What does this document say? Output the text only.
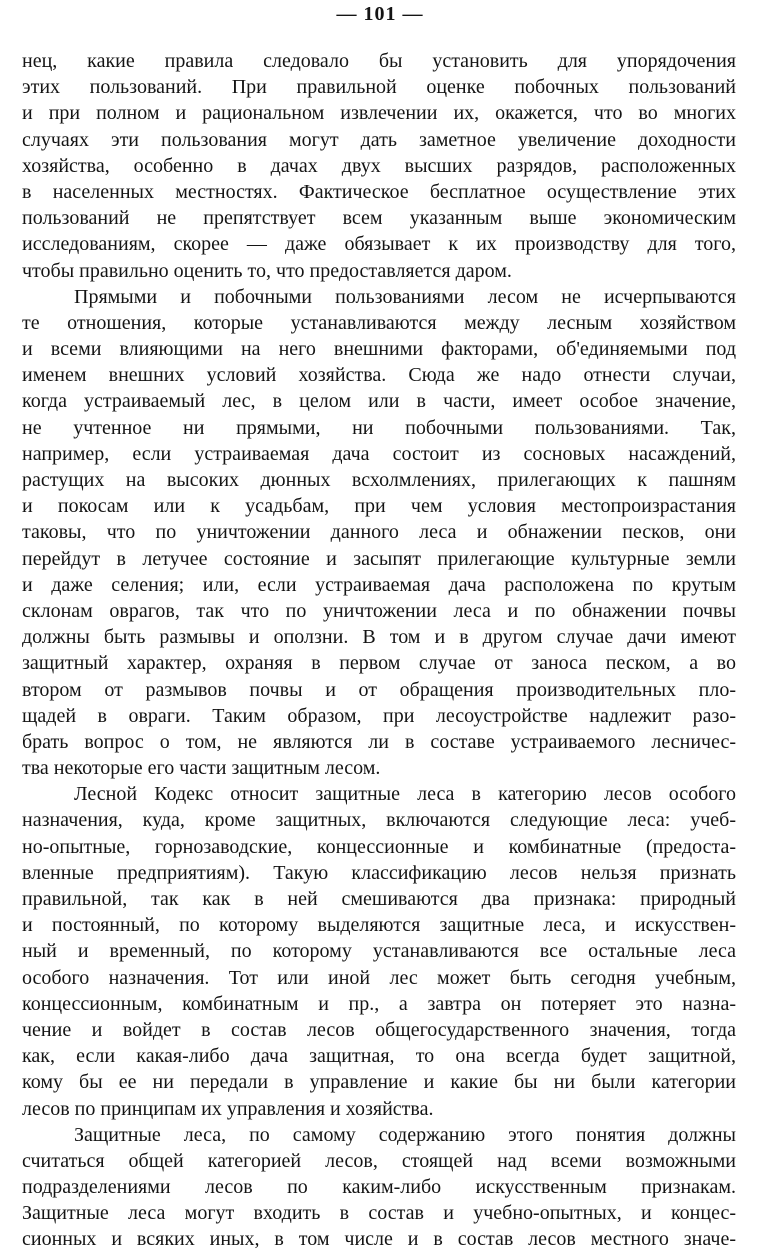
— 101 —
нец, какие правила следовало бы установить для упорядочения
этих пользований. При правильной оценке побочных пользований
и при полном и рациональном извлечении их, окажется, что во многих
случаях эти пользования могут дать заметное увеличение доходности
хозяйства, особенно в дачах двух высших разрядов, расположенных
в населенных местностях. Фактическое бесплатное осуществление этих
пользований не препятствует всем указанным выше экономическим
исследованиям, скорее — даже обязывает к их производству для того,
чтобы правильно оценить то, что предоставляется даром.
Прямыми и побочными пользованиями лесом не исчерпываются
те отношения, которые устанавливаются между лесным хозяйством
и всеми влияющими на него внешними факторами, об'единяемыми под
именем внешних условий хозяйства. Сюда же надо отнести случаи,
когда устраиваемый лес, в целом или в части, имеет особое значение,
не учтенное ни прямыми, ни побочными пользованиями. Так,
например, если устраиваемая дача состоит из сосновых насаждений,
растущих на высоких дюнных всхолмлениях, прилегающих к пашням
и покосам или к усадьбам, при чем условия местопроизрастания
таковы, что по уничтожении данного леса и обнажении песков, они
перейдут в летучее состояние и засыпят прилегающие культурные земли
и даже селения; или, если устраиваемая дача расположена по крутым
склонам оврагов, так что по уничтожении леса и по обнажении почвы
должны быть размывы и оползни. В том и в другом случае дачи имеют
защитный характер, охраняя в первом случае от заноса песком, а во
втором от размывов почвы и от обращения производительных пло-
щадей в овраги. Таким образом, при лесоустройстве надлежит разо-
брать вопрос о том, не являются ли в составе устраиваемого лесничес-
тва некоторые его части защитным лесом.
Лесной Кодекс относит защитные леса в категорию лесов особого
назначения, куда, кроме защитных, включаются следующие леса: учеб-
но-опытные, горнозаводские, концессионные и комбинатные (предоста-
вленные предприятиям). Такую классификацию лесов нельзя признать
правильной, так как в ней смешиваются два признака: природный
и постоянный, по которому выделяются защитные леса, и искусствен-
ный и временный, по которому устанавливаются все остальные леса
особого назначения. Тот или иной лес может быть сегодня учебным,
концессионным, комбинатным и пр., а завтра он потеряет это назна-
чение и войдет в состав лесов общегосударственного значения, тогда
как, если какая-либо дача защитная, то она всегда будет защитной,
кому бы ее ни передали в управление и какие бы ни были категории
лесов по принципам их управления и хозяйства.
Защитные леса, по самому содержанию этого понятия должны
считаться общей категорией лесов, стоящей над всеми возможными
подразделениями лесов по каким-либо искусственным признакам.
Защитные леса могут входить в состав и учебно-опытных, и концес-
сионных и всяких иных, в том числе и в состав лесов местного значе-
